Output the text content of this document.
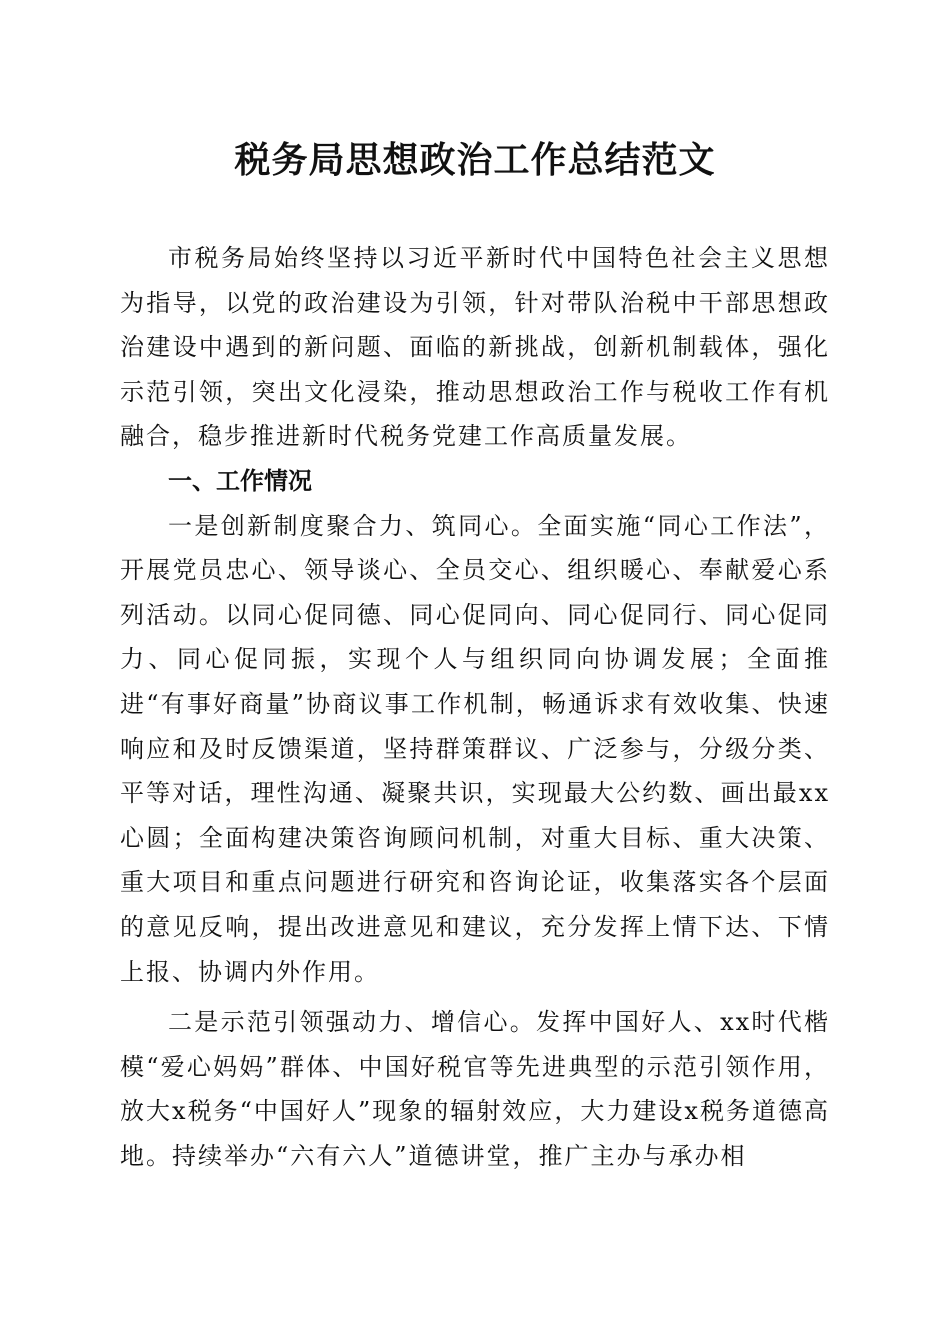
税务局思想政治工作总结范文

市税务局始终坚持以习近平新时代中国特色社会主义思想为指导，以党的政治建设为引领，针对带队治税中干部思想政治建设中遇到的新问题、面临的新挑战，创新机制载体，强化示范引领，突出文化浸染，推动思想政治工作与税收工作有机融合，稳步推进新时代税务党建工作高质量发展。

一、工作情况

一是创新制度聚合力、筑同心。全面实施“同心工作法”，开展党员忠心、领导谈心、全员交心、组织暖心、奉献爱心系列活动。以同心促同德、同心促同向、同心促同行、同心促同力、同心促同振，实现个人与组织同向协调发展；全面推进“有事好商量”协商议事工作机制，畅通诉求有效收集、快速响应和及时反馈渠道，坚持群策群议、广泛参与，分级分类、平等对话，理性沟通、凝聚共识，实现最大公约数、画出最xx心圆；全面构建决策咨询顾问机制，对重大目标、重大决策、重大项目和重点问题进行研究和咨询论证，收集落实各个层面的意见反响，提出改进意见和建议，充分发挥上情下达、下情上报、协调内外作用。

二是示范引领强动力、增信心。发挥中国好人、xx时代楷模“爱心妈妈”群体、中国好税官等先进典型的示范引领作用，放大x税务“中国好人”现象的辐射效应，大力建设x税务道德高地。持续举办“六有六人”道德讲堂，推广主办与承办相
